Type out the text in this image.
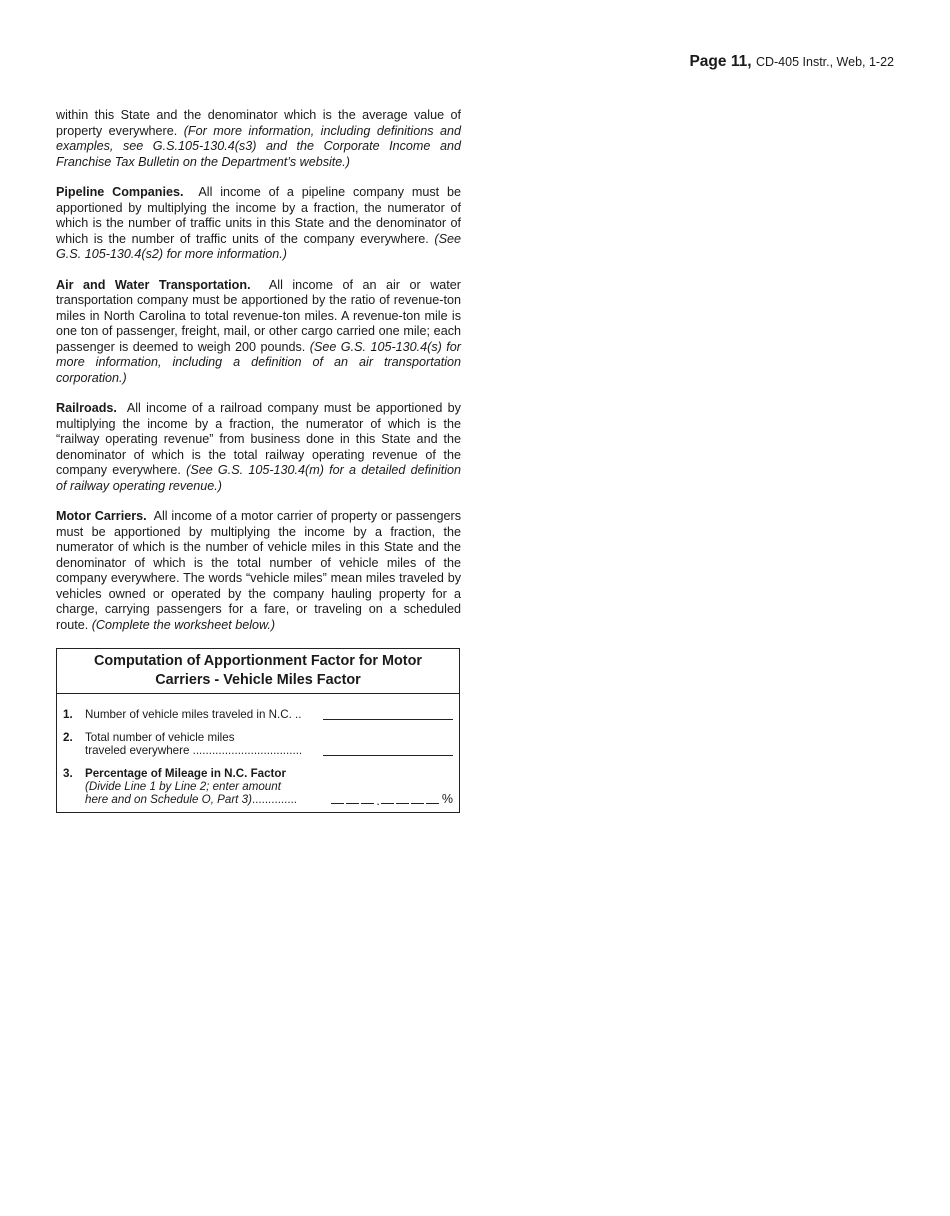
Page 11, CD-405 Instr., Web, 1-22

within this State and the denominator which is the average value of property everywhere. (For more information, including definitions and examples, see G.S.105-130.4(s3) and the Corporate Income and Franchise Tax Bulletin on the Department’s website.)

Pipeline Companies. All income of a pipeline company must be apportioned by multiplying the income by a fraction, the numerator of which is the number of traffic units in this State and the denominator of which is the number of traffic units of the company everywhere. (See G.S. 105-130.4(s2) for more information.)

Air and Water Transportation. All income of an air or water transportation company must be apportioned by the ratio of revenue-ton miles in North Carolina to total revenue-ton miles. A revenue-ton mile is one ton of passenger, freight, mail, or other cargo carried one mile; each passenger is deemed to weigh 200 pounds. (See G.S. 105-130.4(s) for more information, including a definition of an air transportation corporation.)

Railroads. All income of a railroad company must be apportioned by multiplying the income by a fraction, the numerator of which is the “railway operating revenue” from business done in this State and the denominator of which is the total railway operating revenue of the company everywhere. (See G.S. 105-130.4(m) for a detailed definition of railway operating revenue.)

Motor Carriers. All income of a motor carrier of property or passengers must be apportioned by multiplying the income by a fraction, the numerator of which is the number of vehicle miles in this State and the denominator of which is the total number of vehicle miles of the company everywhere. The words “vehicle miles” mean miles traveled by vehicles owned or operated by the company hauling property for a charge, carrying passengers for a fare, or traveling on a scheduled route. (Complete the worksheet below.)

Computation of Apportionment Factor for Motor
Carriers - Vehicle Miles Factor
1.	Number of vehicle miles traveled in N.C. ..
2.	Total number of vehicle miles
traveled everywhere ..................................
3.	Percentage of Mileage in N.C. Factor
(Divide Line 1 by Line 2; enter amount
here and on Schedule O, Part 3)..............	.	%
